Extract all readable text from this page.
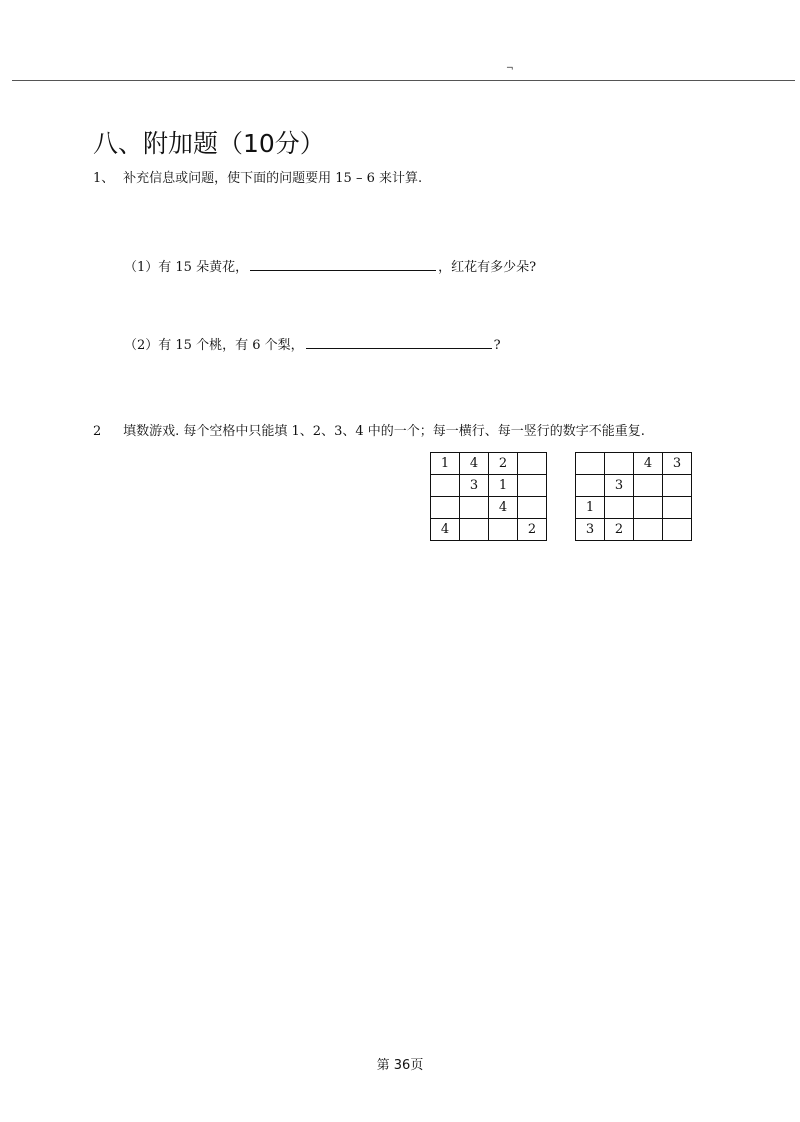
¬
八、附加题（10分）
1、 补充信息或问题，使下面的问题要用 15 – 6 来计算.
（1）有 15 朵黄花，	，红花有多少朵?
（2）有 15 个桃，有 6 个梨，	?
2 填数游戏. 每个空格中只能填 1、2、3、4 中的一个；每一横行、每一竖行的数字不能重复.
1	4	2	
	3	1	
		4	
4			2
		4	3
	3		
1			
3	2		
第 36页
